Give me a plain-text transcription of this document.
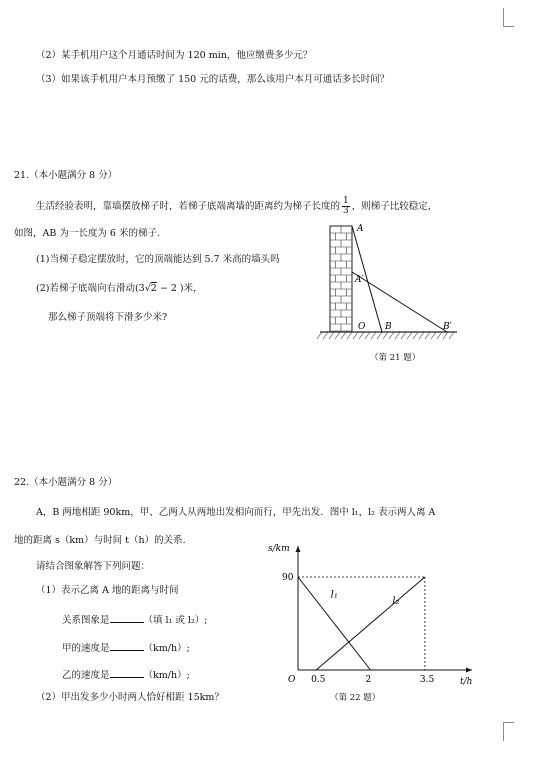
（2）某手机用户这个月通话时间为 120 min，他应缴费多少元？
（3）如果该手机用户本月预缴了 150 元的话费，那么该用户本月可通话多长时间？
21.（本小题满分 8 分）
生活经验表明，靠墙摆放梯子时，若梯子底端离墙的距离约为梯子长度的 $\frac{1}{3}$ ，则梯子比较稳定，
如图，AB 为一长度为 6 米的梯子.
(1)当梯子稳定摆放时，它的顶端能达到 5.7 米高的墙头吗
(2)若梯子底端向右滑动(3√2 − 2 )米，
那么梯子顶端将下滑多少米?
A
A′
O B	B′
（第 21 题）
22.（本小题满分 8 分）
A，B 两地相距 90km，甲、乙两人从两地出发相向而行，甲先出发．图中 l₁，l₂ 表示两人离 A
地的距离 s（km）与时间 t（h）的关系.
请结合图象解答下列问题：
（1）表示乙离 A 地的距离与时间
关系图象是	（填 l₁ 或 l₂）;
甲的速度是	（km/h）;
乙的速度是	（km/h）;
（2）甲出发多少小时两人恰好相距 15km？
l₁
l₂
90
O 0.5	2	3.5	t/h
s/km
（第 22 题）
